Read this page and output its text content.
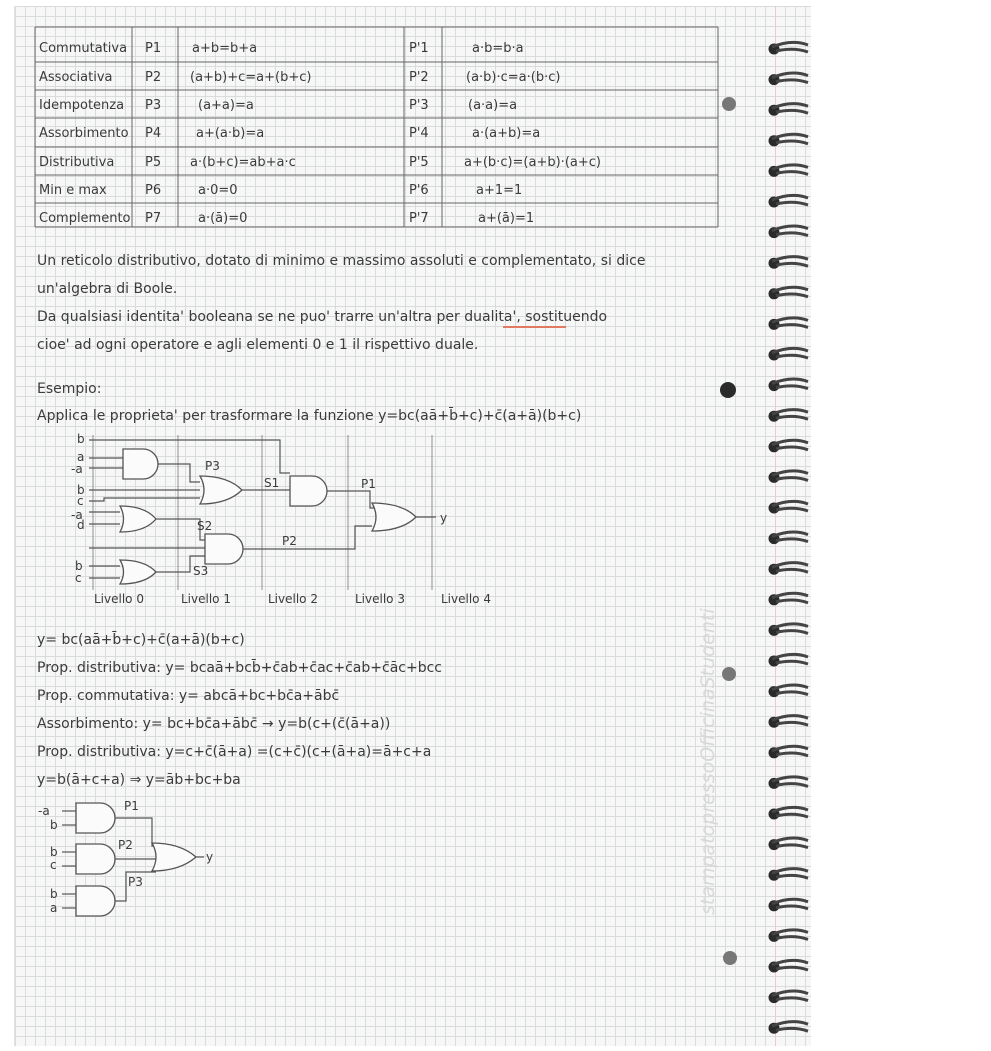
Commutativa P1 a+b=b+a	P'1	a·b=b·a
Associativa	P2 (a+b)+c=a+(b+c)	P'2	(a·b)·c=a·(b·c)
Idempotenza P3	(a+a)=a	P'3	(a·a)=a
Assorbimento P4	a+(a·b)=a	P'4	a·(a+b)=a
Distributiva P5 a·(b+c)=ab+a·c	P'5	a+(b·c)=(a+b)·(a+c)
Min e max	P6	a·0=0	P'6	a+1=1
Complemento P7	a·(ā)=0	P'7	a+(ā)=1
Un reticolo distributivo, dotato di minimo e massimo assoluti e complementato, si dice
un'algebra di Boole.
Da qualsiasi identita' booleana se ne puo' trarre un'altra per dualita', sostituendo
cioe' ad ogni operatore e agli elementi 0 e 1 il rispettivo duale.
Esempio:
Applica le proprieta' per trasformare la funzione y=bc(aā+b̄+c)+c̄(a+ā)(b+c)
b
a
-a
b
c
-a
d
b
c
P3
S1
S2
S3
P2
P1
y
Livello 0	Livello 1	Livello 2	Livello 3	Livello 4
y= bc(aā+b̄+c)+c̄(a+ā)(b+c)
Prop. distributiva: y= bcaā+bcb̄+c̄ab+c̄ac+c̄ab+c̄āc+bcc
Prop. commutativa: y= abcā+bc+bc̄a+ābc̄
Assorbimento: y= bc+bc̄a+ābc̄ → y=b(c+(c̄(ā+a))
Prop. distributiva: y=c+c̄(ā+a) =(c+c̄)(c+(ā+a)=ā+c+a
y=b(ā+c+a) ⇒ y=āb+bc+ba
-a
b
b
c
b
a
P1
P2
P3
y	stampatopressoOfficinaStudenti
